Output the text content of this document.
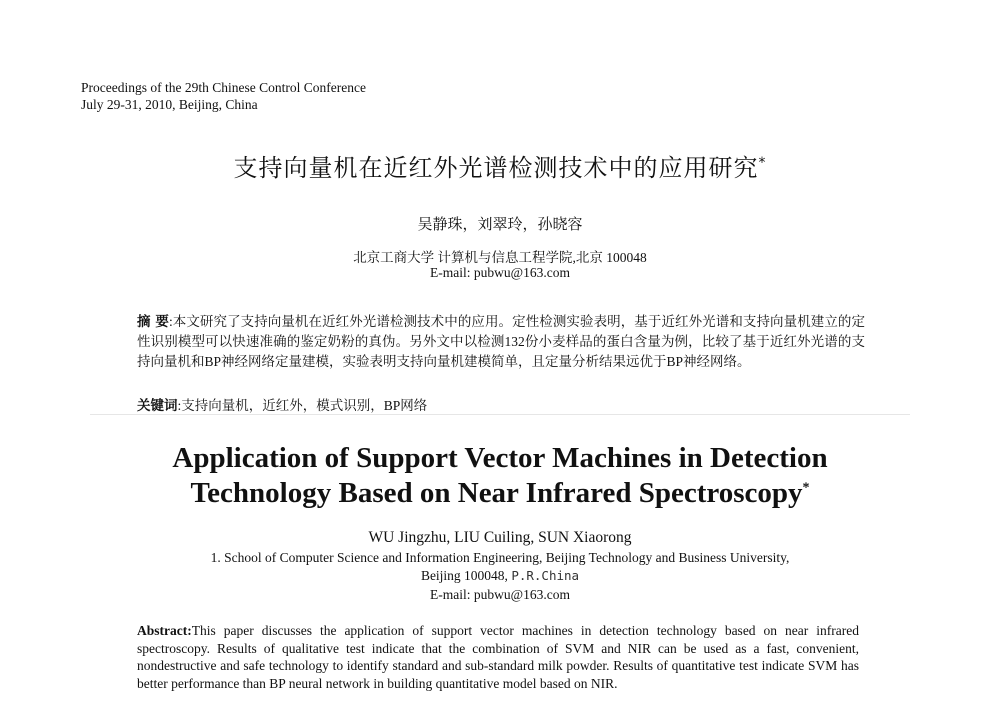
Proceedings of the 29th Chinese Control Conference
July 29-31, 2010, Beijing, China
支持向量机在近红外光谱检测技术中的应用研究*
吴静珠，刘翠玲，孙晓容
北京工商大学 计算机与信息工程学院,北京 100048
E-mail: pubwu@163.com
摘 要:本文研究了支持向量机在近红外光谱检测技术中的应用。定性检测实验表明，基于近红外光谱和支持向量机建立的定性识别模型可以快速准确的鉴定奶粉的真伪。另外文中以检测132份小麦样品的蛋白含量为例，比较了基于近红外光谱的支持向量机和BP神经网络定量建模，实验表明支持向量机建模简单，且定量分析结果远优于BP神经网络。
关键词:支持向量机，近红外，模式识别，BP网络
Application of Support Vector Machines in Detection
Technology Based on Near Infrared Spectroscopy*
WU Jingzhu, LIU Cuiling, SUN Xiaorong
1. School of Computer Science and Information Engineering, Beijing Technology and Business University,
Beijing 100048, P.R.China
E-mail: pubwu@163.com
Abstract:This paper discusses the application of support vector machines in detection technology based on near infrared spectroscopy. Results of qualitative test indicate that the combination of SVM and NIR can be used as a fast, convenient, nondestructive and safe technology to identify standard and sub-standard milk powder. Results of quantitative test indicate SVM has better performance than BP neural network in building quantitative model based on NIR.
